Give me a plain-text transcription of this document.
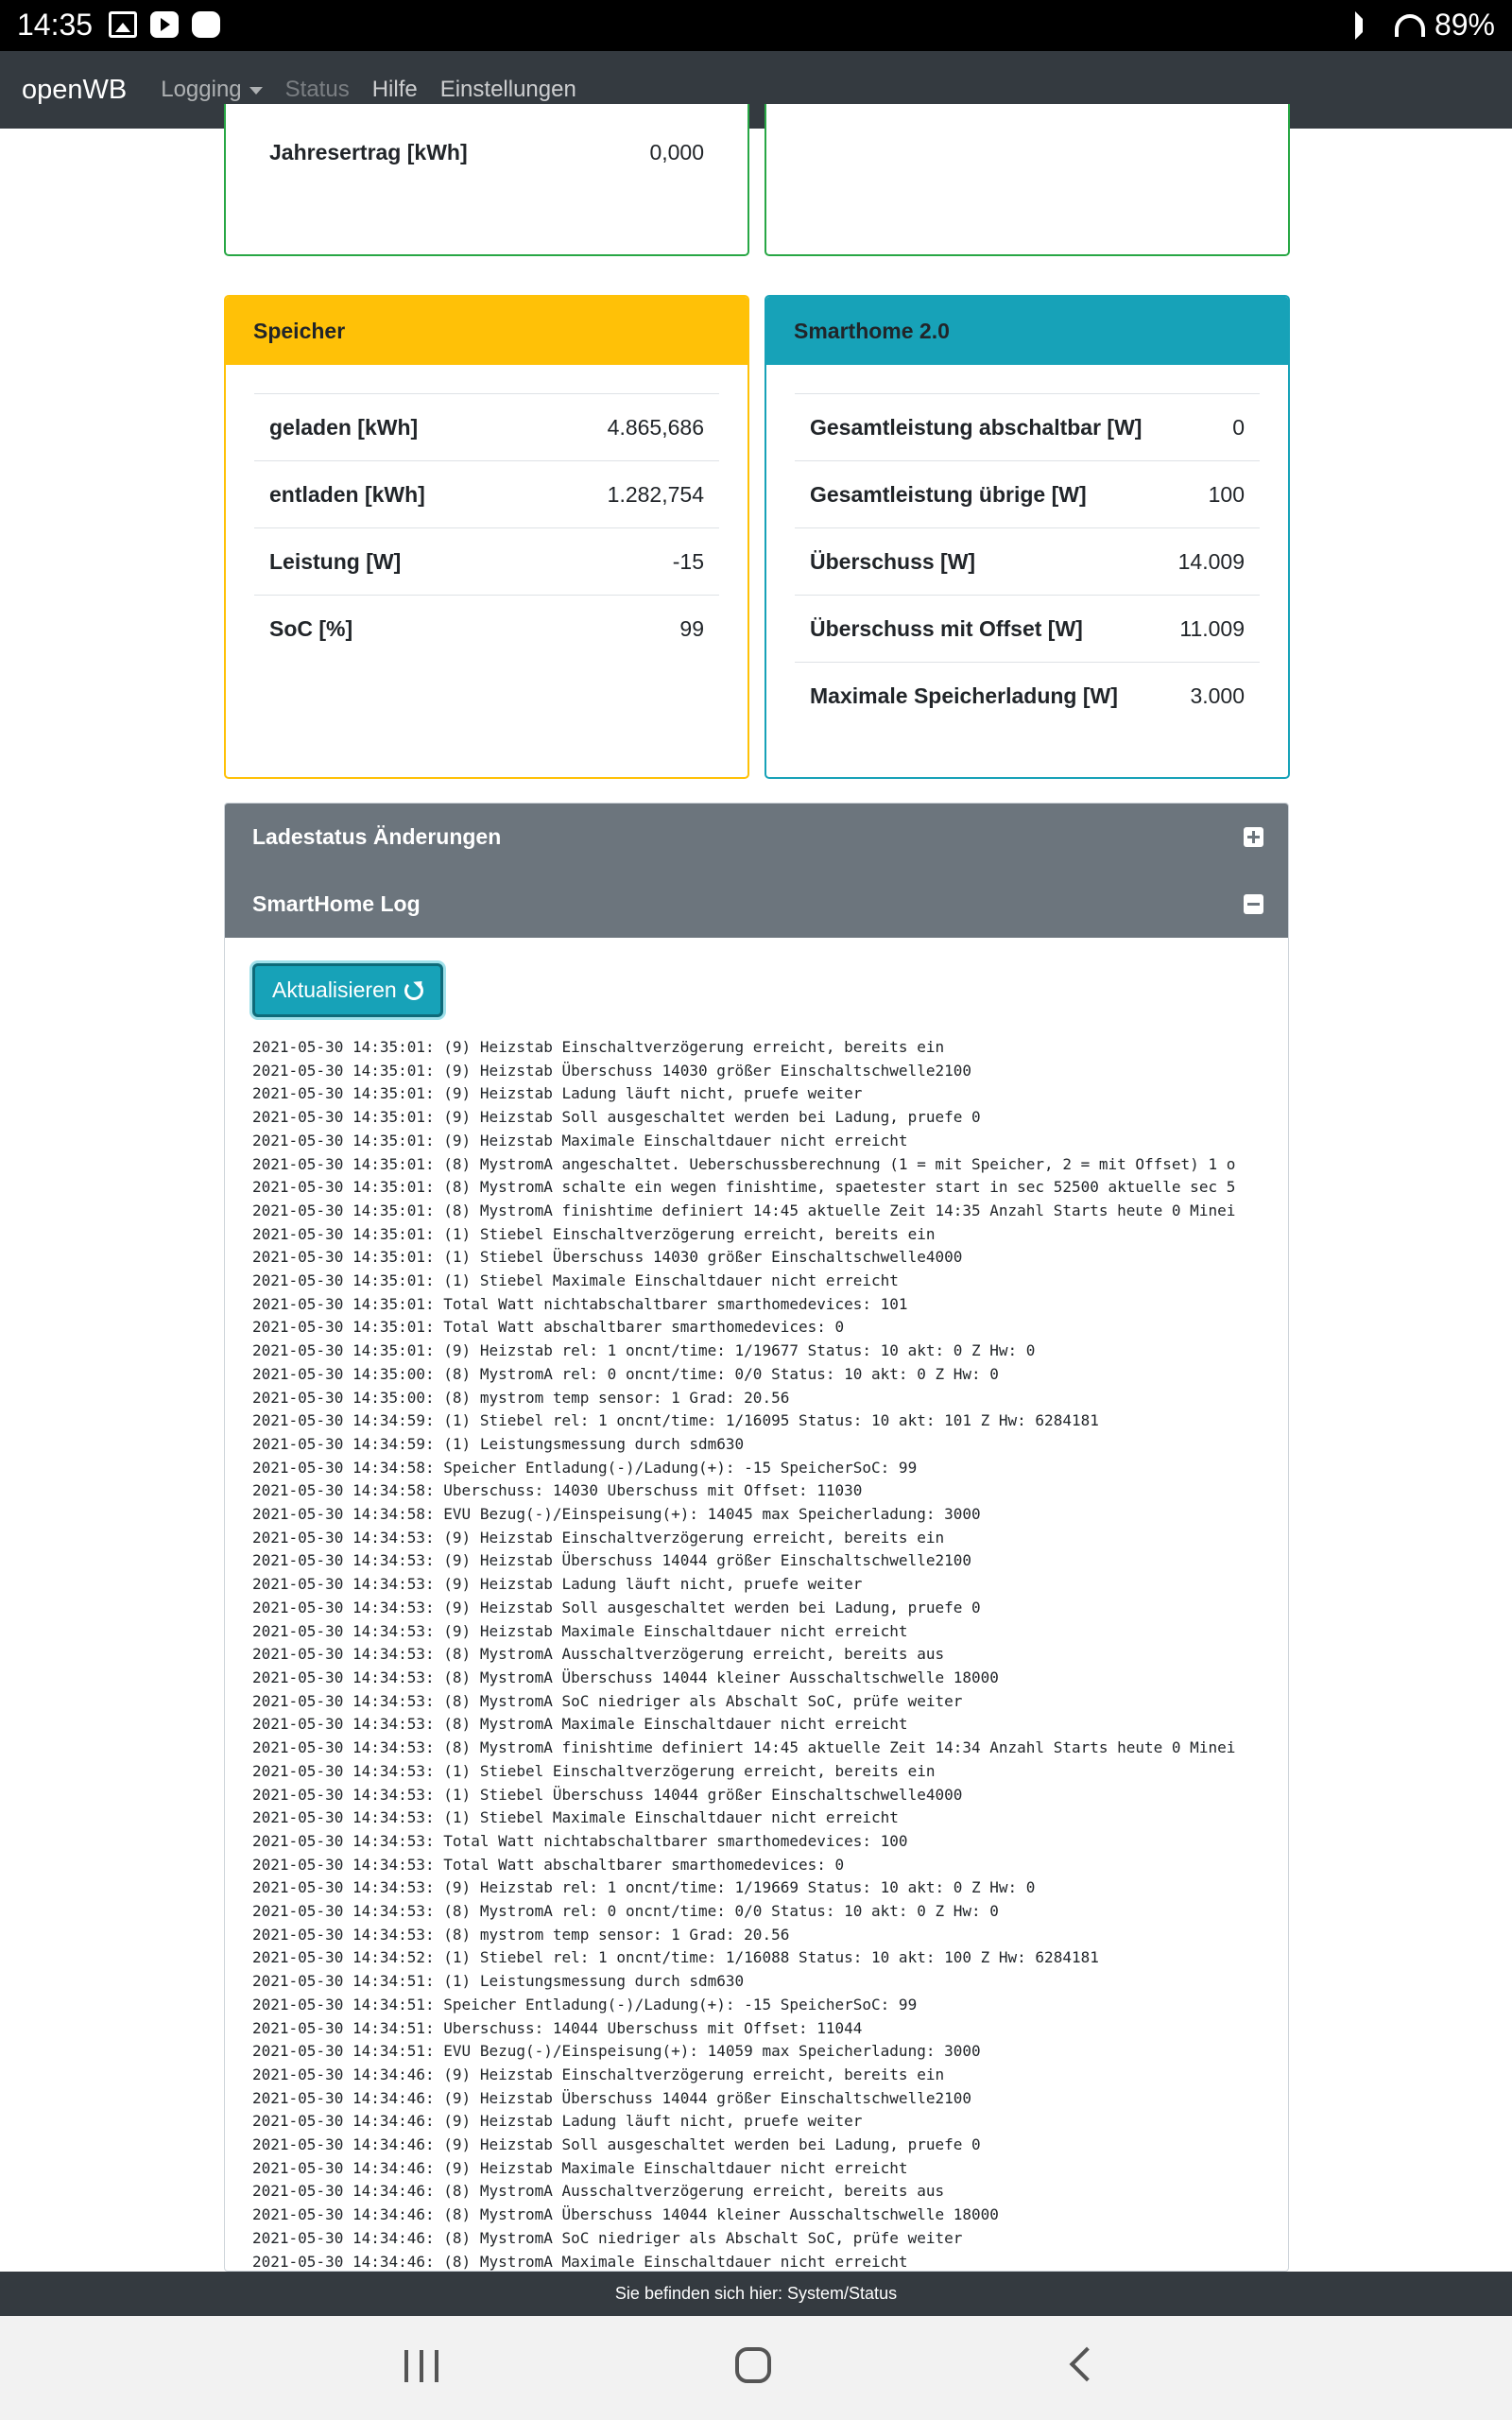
14:35	89%
openWB Logging	Status Hilfe Einstellungen
Jahresertrag [kWh]	0,000
Speicher
geladen [kWh]	4.865,686
entladen [kWh]	1.282,754
Leistung [W]	-15
SoC [%]	99
Smarthome 2.0
Gesamtleistung abschaltbar [W]	0
Gesamtleistung übrige [W]	100
Überschuss [W]	14.009
Überschuss mit Offset [W]	11.009
Maximale Speicherladung [W]	3.000
Ladestatus Änderungen
SmartHome Log
Aktualisieren
2021-05-30 14:35:01: (9) Heizstab Einschaltverzögerung erreicht, bereits ein
2021-05-30 14:35:01: (9) Heizstab Überschuss 14030 größer Einschaltschwelle2100
2021-05-30 14:35:01: (9) Heizstab Ladung läuft nicht, pruefe weiter
2021-05-30 14:35:01: (9) Heizstab Soll ausgeschaltet werden bei Ladung, pruefe 0
2021-05-30 14:35:01: (9) Heizstab Maximale Einschaltdauer nicht erreicht
2021-05-30 14:35:01: (8) MystromA angeschaltet. Ueberschussberechnung (1 = mit Speicher, 2 = mit Offset) 1 o
2021-05-30 14:35:01: (8) MystromA schalte ein wegen finishtime, spaetester start in sec 52500 aktuelle sec 5
2021-05-30 14:35:01: (8) MystromA finishtime definiert 14:45 aktuelle Zeit 14:35 Anzahl Starts heute 0 Minei
2021-05-30 14:35:01: (1) Stiebel Einschaltverzögerung erreicht, bereits ein
2021-05-30 14:35:01: (1) Stiebel Überschuss 14030 größer Einschaltschwelle4000
2021-05-30 14:35:01: (1) Stiebel Maximale Einschaltdauer nicht erreicht
2021-05-30 14:35:01: Total Watt nichtabschaltbarer smarthomedevices: 101
2021-05-30 14:35:01: Total Watt abschaltbarer smarthomedevices: 0
2021-05-30 14:35:01: (9) Heizstab rel: 1 oncnt/time: 1/19677 Status: 10 akt: 0 Z Hw: 0
2021-05-30 14:35:00: (8) MystromA rel: 0 oncnt/time: 0/0 Status: 10 akt: 0 Z Hw: 0
2021-05-30 14:35:00: (8) mystrom temp sensor: 1 Grad: 20.56
2021-05-30 14:34:59: (1) Stiebel rel: 1 oncnt/time: 1/16095 Status: 10 akt: 101 Z Hw: 6284181
2021-05-30 14:34:59: (1) Leistungsmessung durch sdm630
2021-05-30 14:34:58: Speicher Entladung(-)/Ladung(+): -15 SpeicherSoC: 99
2021-05-30 14:34:58: Uberschuss: 14030 Uberschuss mit Offset: 11030
2021-05-30 14:34:58: EVU Bezug(-)/Einspeisung(+): 14045 max Speicherladung: 3000
2021-05-30 14:34:53: (9) Heizstab Einschaltverzögerung erreicht, bereits ein
2021-05-30 14:34:53: (9) Heizstab Überschuss 14044 größer Einschaltschwelle2100
2021-05-30 14:34:53: (9) Heizstab Ladung läuft nicht, pruefe weiter
2021-05-30 14:34:53: (9) Heizstab Soll ausgeschaltet werden bei Ladung, pruefe 0
2021-05-30 14:34:53: (9) Heizstab Maximale Einschaltdauer nicht erreicht
2021-05-30 14:34:53: (8) MystromA Ausschaltverzögerung erreicht, bereits aus
2021-05-30 14:34:53: (8) MystromA Überschuss 14044 kleiner Ausschaltschwelle 18000
2021-05-30 14:34:53: (8) MystromA SoC niedriger als Abschalt SoC, prüfe weiter
2021-05-30 14:34:53: (8) MystromA Maximale Einschaltdauer nicht erreicht
2021-05-30 14:34:53: (8) MystromA finishtime definiert 14:45 aktuelle Zeit 14:34 Anzahl Starts heute 0 Minei
2021-05-30 14:34:53: (1) Stiebel Einschaltverzögerung erreicht, bereits ein
2021-05-30 14:34:53: (1) Stiebel Überschuss 14044 größer Einschaltschwelle4000
2021-05-30 14:34:53: (1) Stiebel Maximale Einschaltdauer nicht erreicht
2021-05-30 14:34:53: Total Watt nichtabschaltbarer smarthomedevices: 100
2021-05-30 14:34:53: Total Watt abschaltbarer smarthomedevices: 0
2021-05-30 14:34:53: (9) Heizstab rel: 1 oncnt/time: 1/19669 Status: 10 akt: 0 Z Hw: 0
2021-05-30 14:34:53: (8) MystromA rel: 0 oncnt/time: 0/0 Status: 10 akt: 0 Z Hw: 0
2021-05-30 14:34:53: (8) mystrom temp sensor: 1 Grad: 20.56
2021-05-30 14:34:52: (1) Stiebel rel: 1 oncnt/time: 1/16088 Status: 10 akt: 100 Z Hw: 6284181
2021-05-30 14:34:51: (1) Leistungsmessung durch sdm630
2021-05-30 14:34:51: Speicher Entladung(-)/Ladung(+): -15 SpeicherSoC: 99
2021-05-30 14:34:51: Uberschuss: 14044 Uberschuss mit Offset: 11044
2021-05-30 14:34:51: EVU Bezug(-)/Einspeisung(+): 14059 max Speicherladung: 3000
2021-05-30 14:34:46: (9) Heizstab Einschaltverzögerung erreicht, bereits ein
2021-05-30 14:34:46: (9) Heizstab Überschuss 14044 größer Einschaltschwelle2100
2021-05-30 14:34:46: (9) Heizstab Ladung läuft nicht, pruefe weiter
2021-05-30 14:34:46: (9) Heizstab Soll ausgeschaltet werden bei Ladung, pruefe 0
2021-05-30 14:34:46: (9) Heizstab Maximale Einschaltdauer nicht erreicht
2021-05-30 14:34:46: (8) MystromA Ausschaltverzögerung erreicht, bereits aus
2021-05-30 14:34:46: (8) MystromA Überschuss 14044 kleiner Ausschaltschwelle 18000
2021-05-30 14:34:46: (8) MystromA SoC niedriger als Abschalt SoC, prüfe weiter
2021-05-30 14:34:46: (8) MystromA Maximale Einschaltdauer nicht erreicht
Sie befinden sich hier: System/Status
